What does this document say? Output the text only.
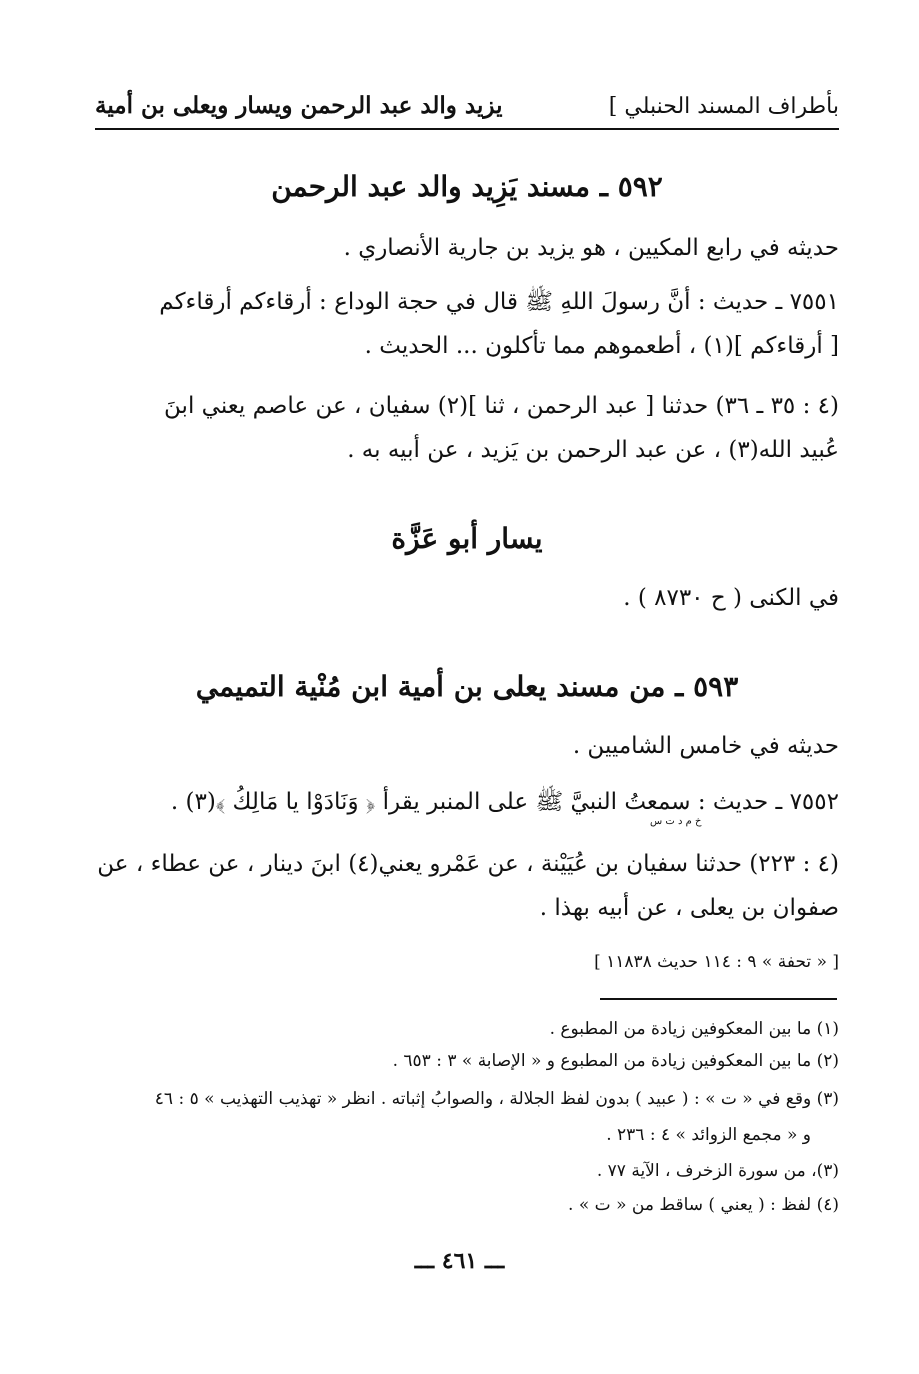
بأطراف المسند الحنبلي ]
يزيد والد عبد الرحمن ويسار ويعلى بن أمية
٥٩٢ ـ مسند يَزِيد والد عبد الرحمن
حديثه في رابع المكيين ، هو يزيد بن جارية الأنصاري .
٧٥٥١ ـ حديث : أنَّ رسولَ اللهِ ﷺ قال في حجة الوداع : أرقاءكم أرقاءكم
[ أرقاءكم ](١) ، أطعموهم مما تأكلون ... الحديث .
(٤ : ٣٥ ـ ٣٦) حدثنا [ عبد الرحمن ، ثنا ](٢) سفيان ، عن عاصم يعني ابنَ
عُبيد الله(٣) ، عن عبد الرحمن بن يَزيد ، عن أبيه به .
يسار أبو عَزَّة
في الكنى ( ح ٨٧٣٠ ) .
٥٩٣ ـ من مسند يعلى بن أمية ابن مُنْية التميمي
حديثه في خامس الشاميين .
٧٥٥٢ ـ حديث : سمعتُ النبيَّ ﷺ على المنبر يقرأ ﴿ وَنَادَوْا يا مَالِكُ ﴾(٣) .
خ م د ت س
(٤ : ٢٢٣) حدثنا سفيان بن عُيَيْنة ، عن عَمْرو يعني(٤) ابنَ دينار ، عن عطاء ، عن
صفوان بن يعلى ، عن أبيه بهذا .
[ « تحفة » ٩ : ١١٤ حديث ١١٨٣٨ ]
(١) ما بين المعكوفين زيادة من المطبوع .
(٢) ما بين المعكوفين زيادة من المطبوع و « الإصابة » ٣ : ٦٥٣ .
(٣) وقع في « ت » : ( عبيد ) بدون لفظ الجلالة ، والصوابُ إثباته . انظر « تهذيب التهذيب » ٥ : ٤٦
و « مجمع الزوائد » ٤ : ٢٣٦ .
(٣)، من سورة الزخرف ، الآية ٧٧ .
(٤) لفظ : ( يعني ) ساقط من « ت » .
ـــ ٤٦١ ـــ
